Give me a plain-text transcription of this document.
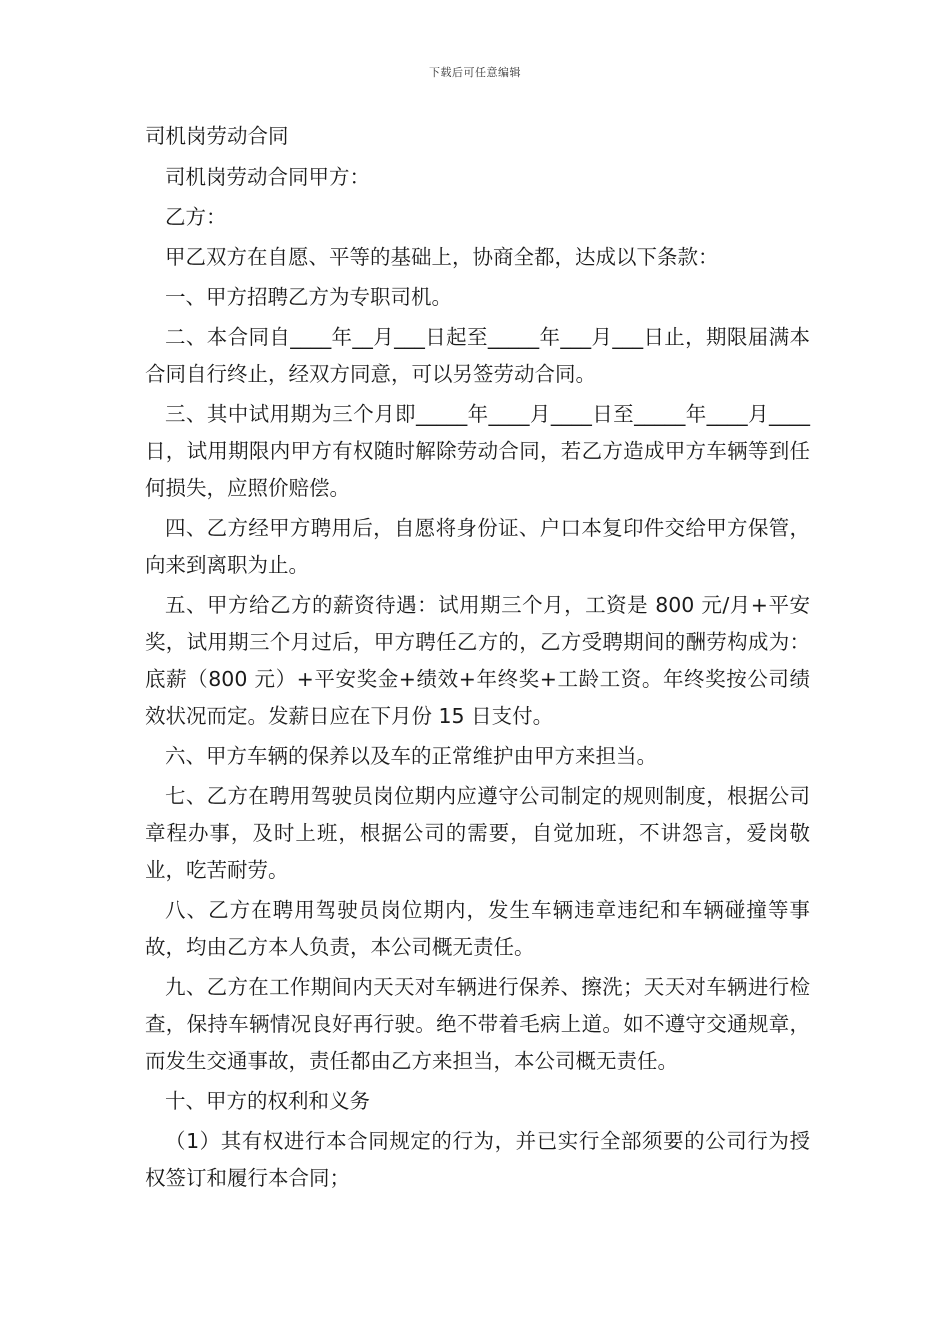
下载后可任意编辑
司机岗劳动合同

司机岗劳动合同甲方：

乙方：

甲乙双方在自愿、平等的基础上，协商全都，达成以下条款：

一、甲方招聘乙方为专职司机。

二、本合同自____年__月___日起至_____年___月___日止，期限届满本合同自行终止，经双方同意，可以另签劳动合同。

三、其中试用期为三个月即_____年____月____日至_____年____月____日，试用期限内甲方有权随时解除劳动合同，若乙方造成甲方车辆等到任何损失，应照价赔偿。

四、乙方经甲方聘用后，自愿将身份证、户口本复印件交给甲方保管，向来到离职为止。

五、甲方给乙方的薪资待遇：试用期三个月，工资是 800 元/月+平安奖，试用期三个月过后，甲方聘任乙方的，乙方受聘期间的酬劳构成为：底薪（800 元）+平安奖金+绩效+年终奖+工龄工资。年终奖按公司绩效状况而定。发薪日应在下月份 15 日支付。

六、甲方车辆的保养以及车的正常维护由甲方来担当。

七、乙方在聘用驾驶员岗位期内应遵守公司制定的规则制度，根据公司章程办事，及时上班，根据公司的需要，自觉加班，不讲怨言，爱岗敬业，吃苦耐劳。

八、乙方在聘用驾驶员岗位期内，发生车辆违章违纪和车辆碰撞等事故，均由乙方本人负责，本公司概无责任。

九、乙方在工作期间内天天对车辆进行保养、擦洗；天天对车辆进行检查，保持车辆情况良好再行驶。绝不带着毛病上道。如不遵守交通规章，而发生交通事故，责任都由乙方来担当，本公司概无责任。

十、甲方的权利和义务

（1）其有权进行本合同规定的行为，并已实行全部须要的公司行为授权签订和履行本合同；
